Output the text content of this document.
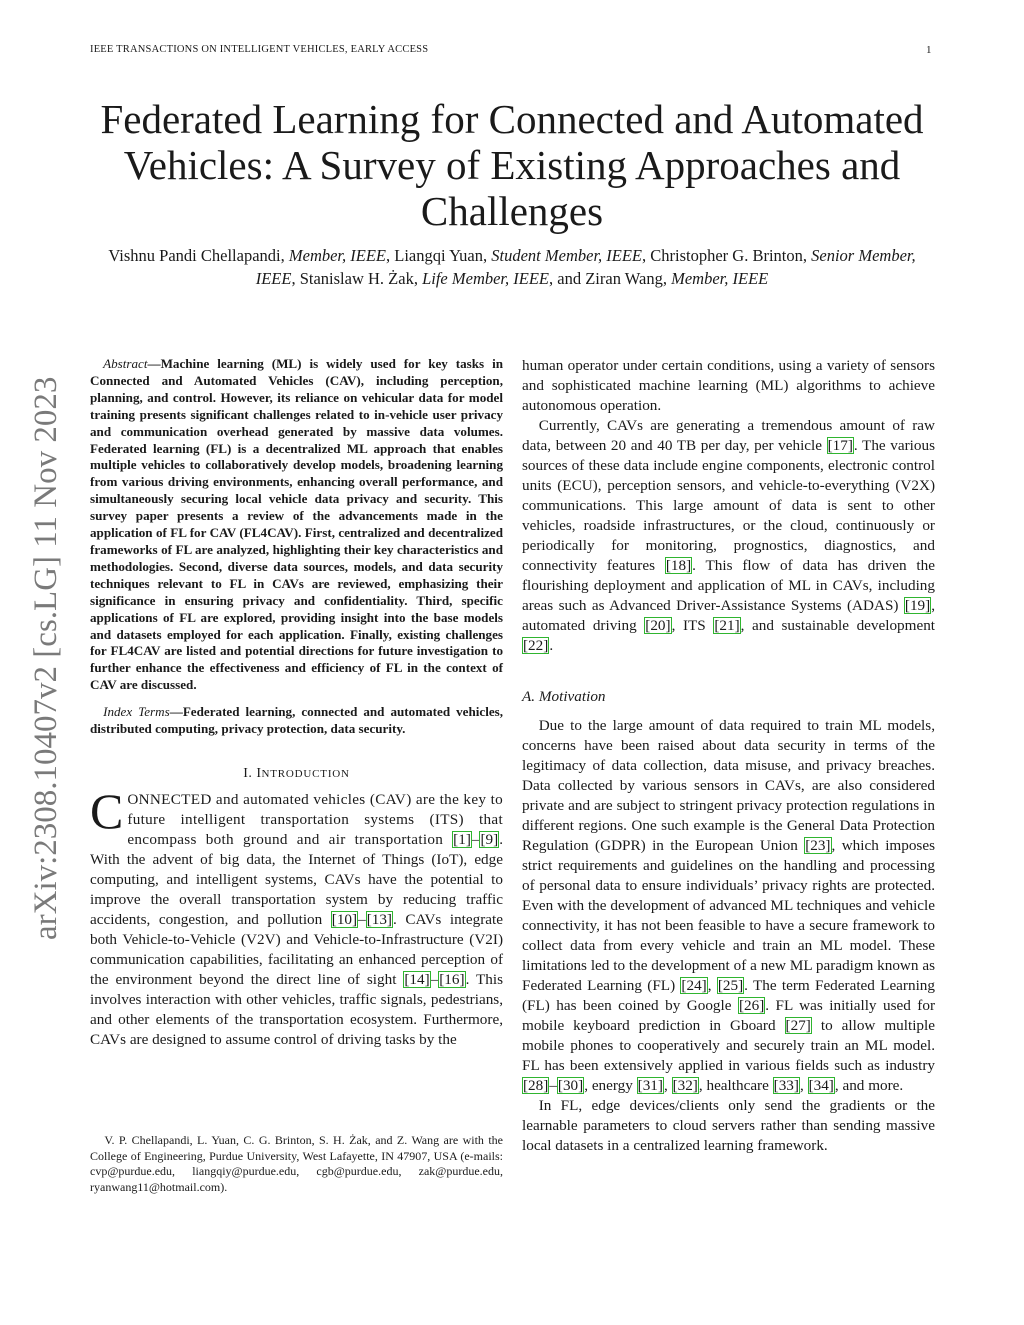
IEEE TRANSACTIONS ON INTELLIGENT VEHICLES, EARLY ACCESS	1
Federated Learning for Connected and Automated Vehicles: A Survey of Existing Approaches and Challenges
Vishnu Pandi Chellapandi, Member, IEEE, Liangqi Yuan, Student Member, IEEE, Christopher G. Brinton, Senior Member, IEEE, Stanislaw H. Żak, Life Member, IEEE, and Ziran Wang, Member, IEEE
arXiv:2308.10407v2 [cs.LG] 11 Nov 2023

Abstract—Machine learning (ML) is widely used for key tasks in Connected and Automated Vehicles (CAV), including perception, planning, and control. However, its reliance on vehicular data for model training presents significant challenges related to in-vehicle user privacy and communication overhead generated by massive data volumes. Federated learning (FL) is a decentralized ML approach that enables multiple vehicles to collaboratively develop models, broadening learning from various driving environments, enhancing overall performance, and simultaneously securing local vehicle data privacy and security. This survey paper presents a review of the advancements made in the application of FL for CAV (FL4CAV). First, centralized and decentralized frameworks of FL are analyzed, highlighting their key characteristics and methodologies. Second, diverse data sources, models, and data security techniques relevant to FL in CAVs are reviewed, emphasizing their significance in ensuring privacy and confidentiality. Third, specific applications of FL are explored, providing insight into the base models and datasets employed for each application. Finally, existing challenges for FL4CAV are listed and potential directions for future investigation to further enhance the effectiveness and efficiency of FL in the context of CAV are discussed.

Index Terms—Federated learning, connected and automated vehicles, distributed computing, privacy protection, data security.

I. INTRODUCTION

CONNECTED and automated vehicles (CAV) are the key to future intelligent transportation systems (ITS) that encompass both ground and air transportation [1]–[9]. With the advent of big data, the Internet of Things (IoT), edge computing, and intelligent systems, CAVs have the potential to improve the overall transportation system by reducing traffic accidents, congestion, and pollution [10]–[13]. CAVs integrate both Vehicle-to-Vehicle (V2V) and Vehicle-to-Infrastructure (V2I) communication capabilities, facilitating an enhanced perception of the environment beyond the direct line of sight [14]–[16]. This involves interaction with other vehicles, traffic signals, pedestrians, and other elements of the transportation ecosystem. Furthermore, CAVs are designed to assume control of driving tasks by the

V. P. Chellapandi, L. Yuan, C. G. Brinton, S. H. Żak, and Z. Wang are with the College of Engineering, Purdue University, West Lafayette, IN 47907, USA (e-mails: cvp@purdue.edu, liangqiy@purdue.edu, cgb@purdue.edu, zak@purdue.edu, ryanwang11@hotmail.com).

human operator under certain conditions, using a variety of sensors and sophisticated machine learning (ML) algorithms to achieve autonomous operation.

Currently, CAVs are generating a tremendous amount of raw data, between 20 and 40 TB per day, per vehicle [17]. The various sources of these data include engine components, electronic control units (ECU), perception sensors, and vehicle-to-everything (V2X) communications. This large amount of data is sent to other vehicles, roadside infrastructures, or the cloud, continuously or periodically for monitoring, prognostics, diagnostics, and connectivity features [18]. This flow of data has driven the flourishing deployment and application of ML in CAVs, including areas such as Advanced Driver-Assistance Systems (ADAS) [19], automated driving [20], ITS [21], and sustainable development [22].

A. Motivation

Due to the large amount of data required to train ML models, concerns have been raised about data security in terms of the legitimacy of data collection, data misuse, and privacy breaches. Data collected by various sensors in CAVs, are also considered private and are subject to stringent privacy protection regulations in different regions. One such example is the General Data Protection Regulation (GDPR) in the European Union [23], which imposes strict requirements and guidelines on the handling and processing of personal data to ensure individuals’ privacy rights are protected. Even with the development of advanced ML techniques and vehicle connectivity, it has not been feasible to have a secure framework to collect data from every vehicle and train an ML model. These limitations led to the development of a new ML paradigm known as Federated Learning (FL) [24], [25]. The term Federated Learning (FL) has been coined by Google [26]. FL was initially used for mobile keyboard prediction in Gboard [27] to allow multiple mobile phones to cooperatively and securely train an ML model. FL has been extensively applied in various fields such as industry [28]–[30], energy [31], [32], healthcare [33], [34], and more.

In FL, edge devices/clients only send the gradients or the learnable parameters to cloud servers rather than sending massive local datasets in a centralized learning framework.
